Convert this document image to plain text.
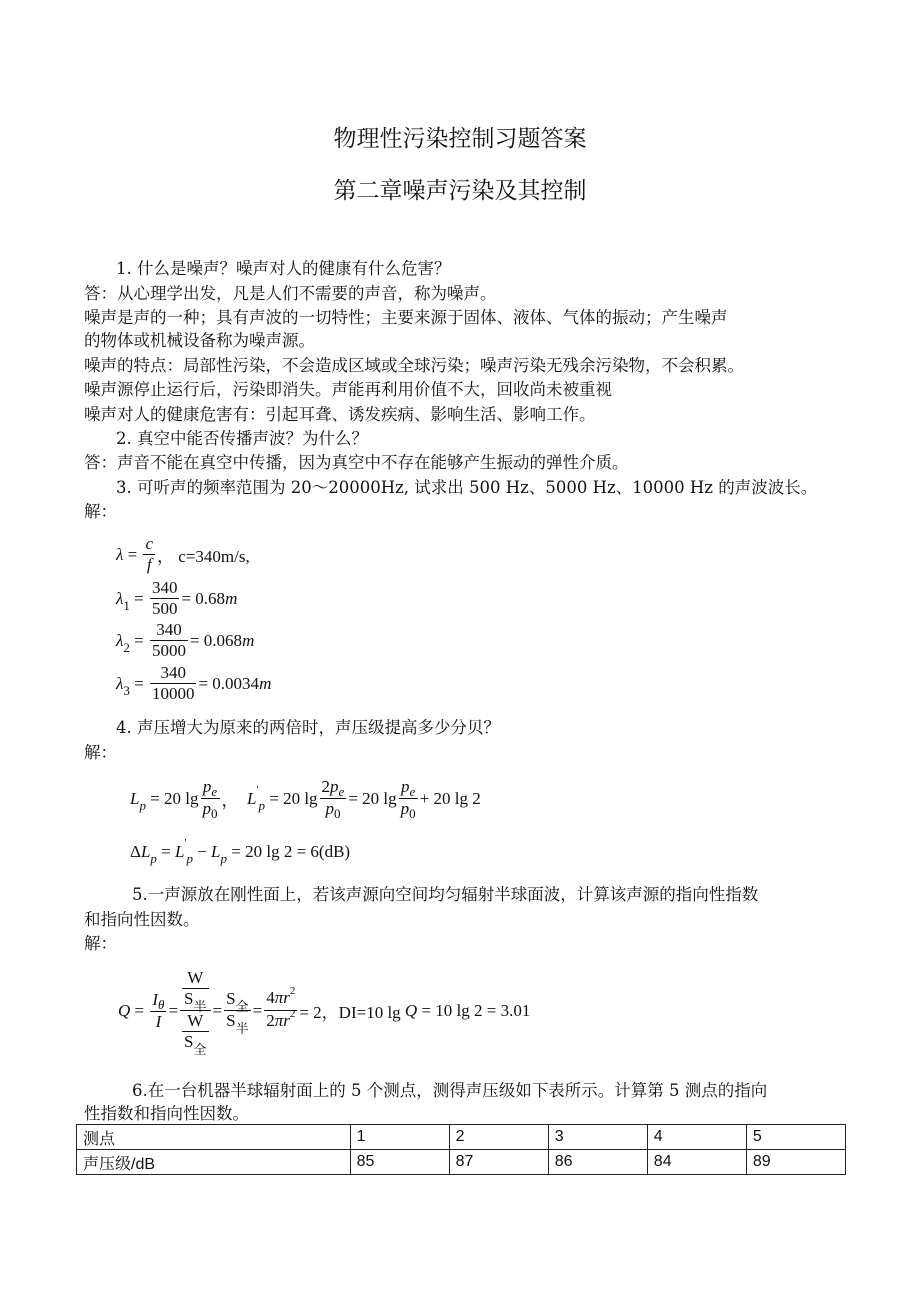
物理性污染控制习题答案
第二章噪声污染及其控制
1. 什么是噪声？噪声对人的健康有什么危害？
答：从心理学出发，凡是人们不需要的声音，称为噪声。
噪声是声的一种；具有声波的一切特性；主要来源于固体、液体、气体的振动；产生噪声
的物体或机械设备称为噪声源。
噪声的特点：局部性污染，不会造成区域或全球污染；噪声污染无残余污染物，不会积累。
噪声源停止运行后，污染即消失。声能再利用价值不大，回收尚未被重视
噪声对人的健康危害有：引起耳聋、诱发疾病、影响生活、影响工作。
2. 真空中能否传播声波？为什么？
答：声音不能在真空中传播，因为真空中不存在能够产生振动的弹性介质。
3. 可听声的频率范围为 20～20000Hz, 试求出 500 Hz、5000 Hz、10000 Hz 的声波波长。
解：
$\lambda = \frac{c}{f}$ ， c=340m/s,
λ $1 = \frac{340}{500} = 0.68$ m
λ $2 = \frac{340}{5000} = 0.068$ m
λ $3 = \frac{340}{10000} = 0.0034$ m
4. 声压增大为原来的两倍时，声压级提高多少分贝？
解：
L p
= 20 $\lg \frac{p_e}{p_0}$ ，
L '
p
= 20 $\lg \frac{2p_e}{p_0} = 20$ $\lg \frac{p_e}{p_0} + 20$ lg 2
Δ L p = L '
p − L p
= 20 lg 2 = 6(dB)
5.一声源放在刚性面上，若该声源向空间均匀辐射半球面波，计算该声源的指向性指数
和指向性因数。
解：
$Q = \frac{I_\theta}{I} = \frac{\frac{W}{S_半}}{\frac{W}{S_全}} = \frac{S_全}{S_半} = \frac{4\pi r^2}{2\pi r^2} = 2$，DI=10 lg Q = 10 lg 2 = 3.01
6.在一台机器半球辐射面上的 5 个测点，测得声压级如下表所示。计算第 5 测点的指向
性指数和指向性因数。
测点	1	2	3	4	5
声压级/dB	85	87	86	84	89
